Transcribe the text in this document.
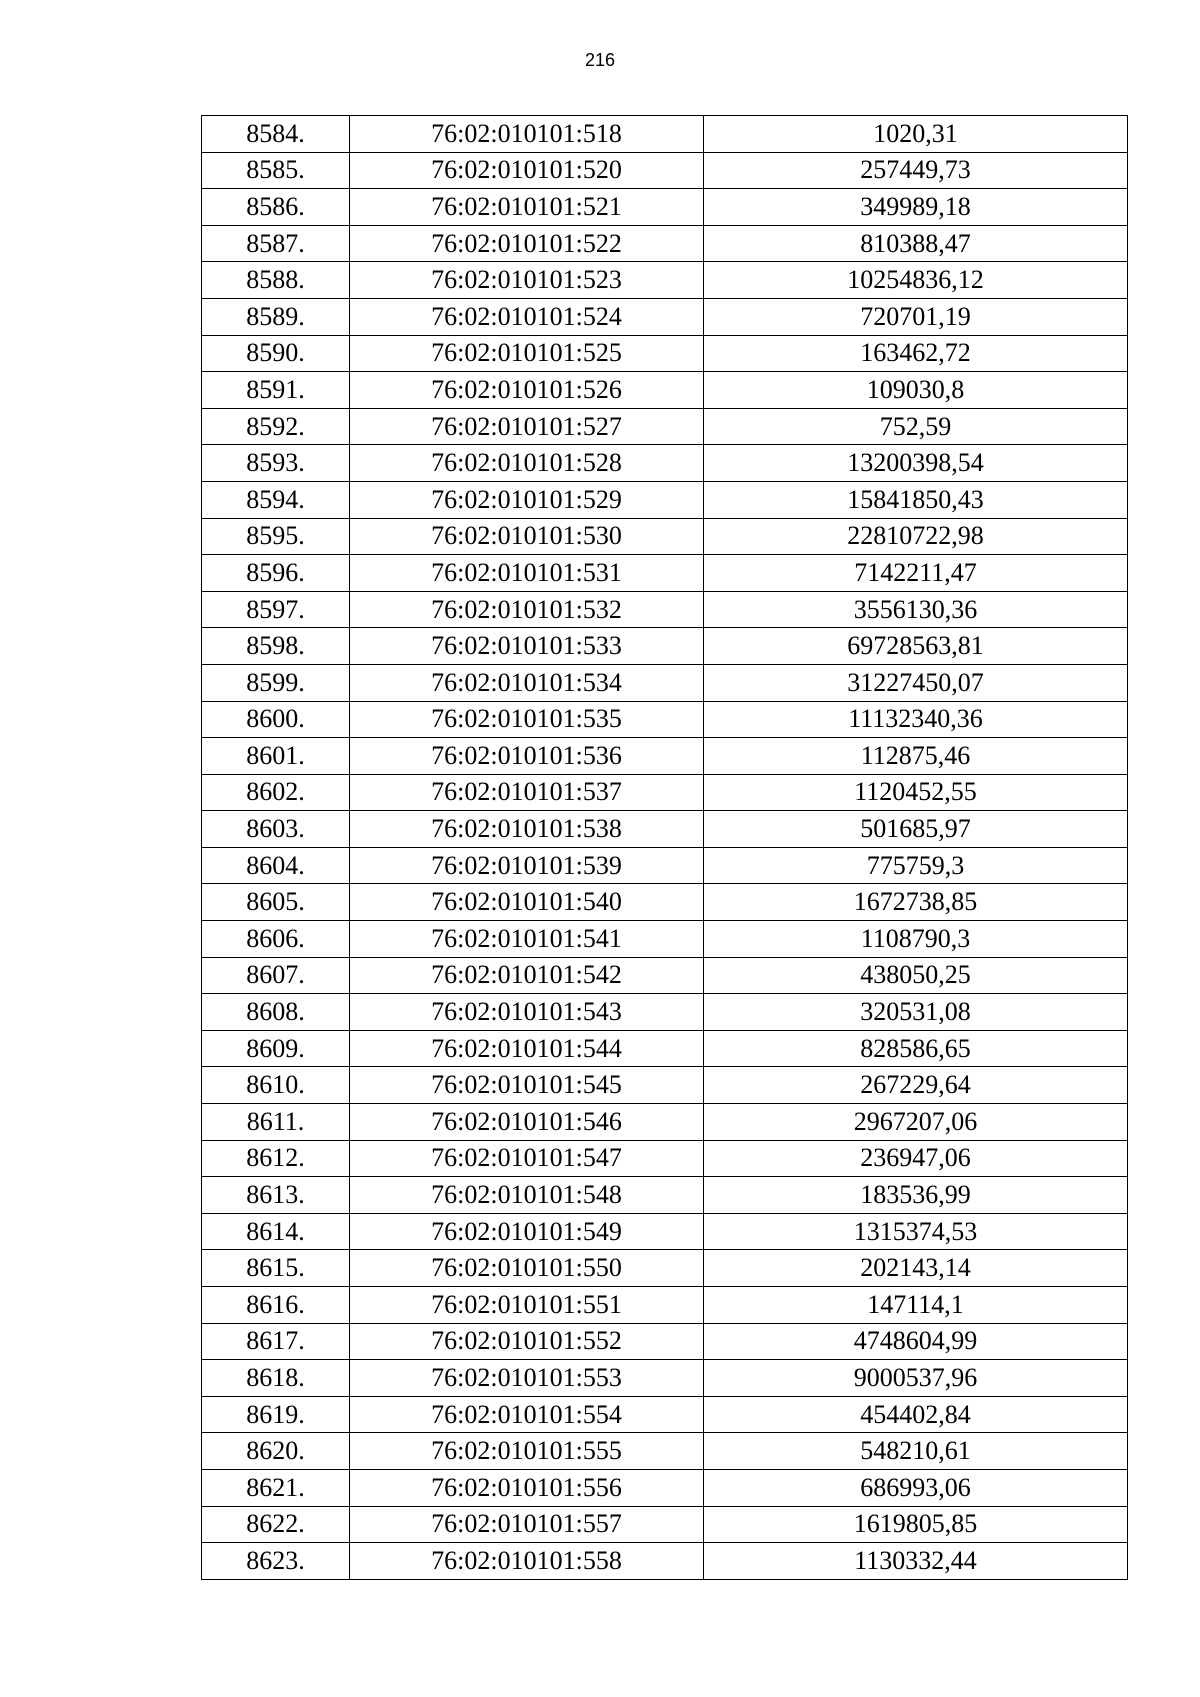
216
8584.	76:02:010101:518	1020,31
8585.	76:02:010101:520	257449,73
8586.	76:02:010101:521	349989,18
8587.	76:02:010101:522	810388,47
8588.	76:02:010101:523	10254836,12
8589.	76:02:010101:524	720701,19
8590.	76:02:010101:525	163462,72
8591.	76:02:010101:526	109030,8
8592.	76:02:010101:527	752,59
8593.	76:02:010101:528	13200398,54
8594.	76:02:010101:529	15841850,43
8595.	76:02:010101:530	22810722,98
8596.	76:02:010101:531	7142211,47
8597.	76:02:010101:532	3556130,36
8598.	76:02:010101:533	69728563,81
8599.	76:02:010101:534	31227450,07
8600.	76:02:010101:535	11132340,36
8601.	76:02:010101:536	112875,46
8602.	76:02:010101:537	1120452,55
8603.	76:02:010101:538	501685,97
8604.	76:02:010101:539	775759,3
8605.	76:02:010101:540	1672738,85
8606.	76:02:010101:541	1108790,3
8607.	76:02:010101:542	438050,25
8608.	76:02:010101:543	320531,08
8609.	76:02:010101:544	828586,65
8610.	76:02:010101:545	267229,64
8611.	76:02:010101:546	2967207,06
8612.	76:02:010101:547	236947,06
8613.	76:02:010101:548	183536,99
8614.	76:02:010101:549	1315374,53
8615.	76:02:010101:550	202143,14
8616.	76:02:010101:551	147114,1
8617.	76:02:010101:552	4748604,99
8618.	76:02:010101:553	9000537,96
8619.	76:02:010101:554	454402,84
8620.	76:02:010101:555	548210,61
8621.	76:02:010101:556	686993,06
8622.	76:02:010101:557	1619805,85
8623.	76:02:010101:558	1130332,44
